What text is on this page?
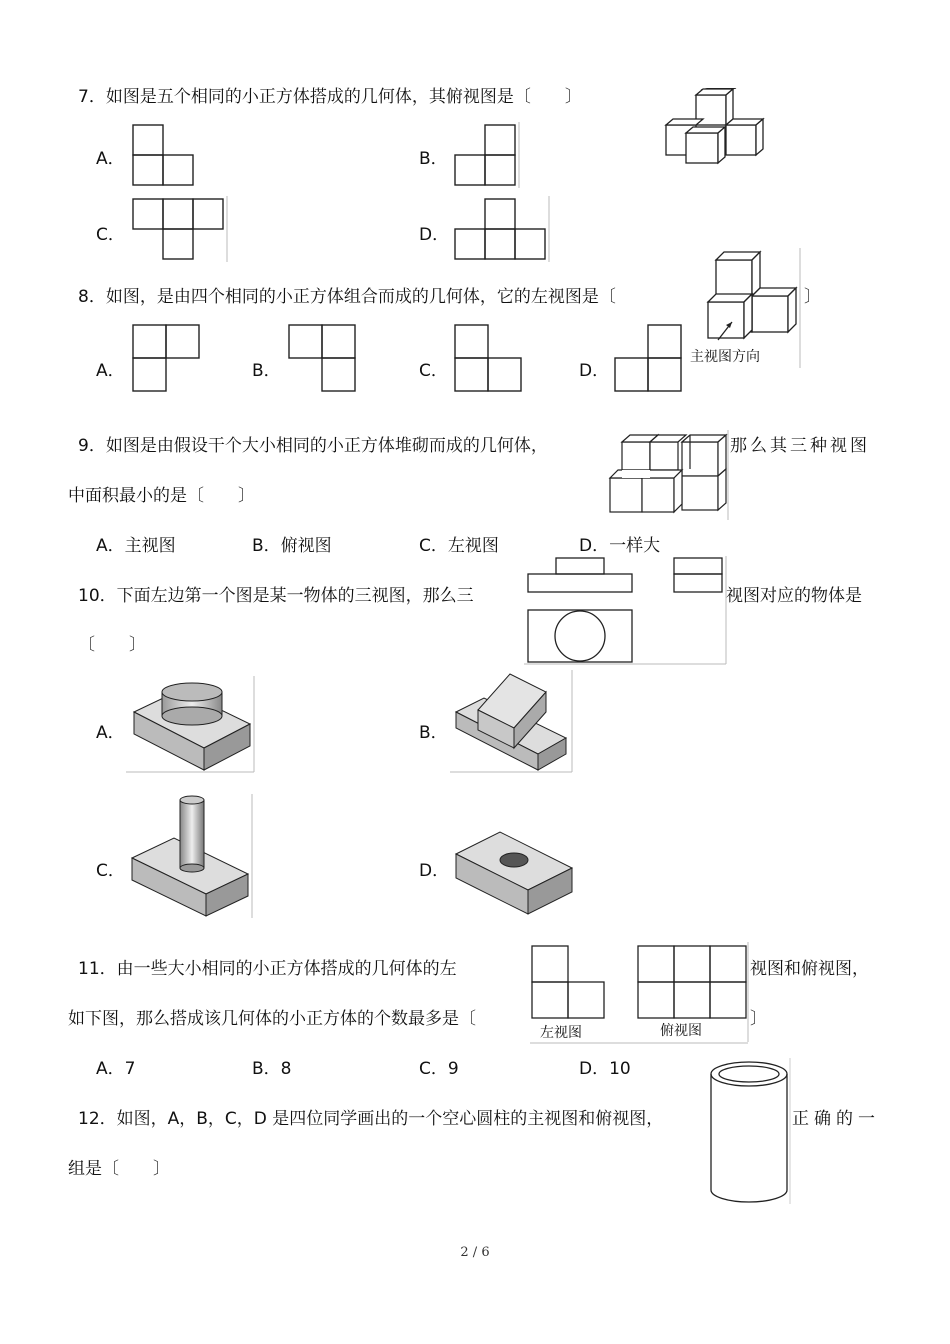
7．如图是五个相同的小正方体搭成的几何体，其俯视图是〔　　〕
A．	B．
C．	D．
8．如图，是由四个相同的小正方体组合而成的几何体，它的左视图是〔	〕
主视图方向
A．	B．	C．	D．
9．如图是由假设干个大小相同的小正方体堆砌而成的几何体，	那么其三种视图
中面积最小的是〔　　〕
A．主视图	B．俯视图	C．左视图	D．一样大
10．下面左边第一个图是某一物体的三视图，那么三	视图对应的物体是
〔　　〕
A．	B．
C．	D．
11．由一些大小相同的小正方体搭成的几何体的左	视图和俯视图，
如下图，那么搭成该几何体的小正方体的个数最多是〔	〕
左视图	俯视图
A．7	B．8	C．9	D．10
12．如图，A，B，C，D 是四位同学画出的一个空心圆柱的主视图和俯视图，	正确的一
组是〔　　〕
2 / 6
